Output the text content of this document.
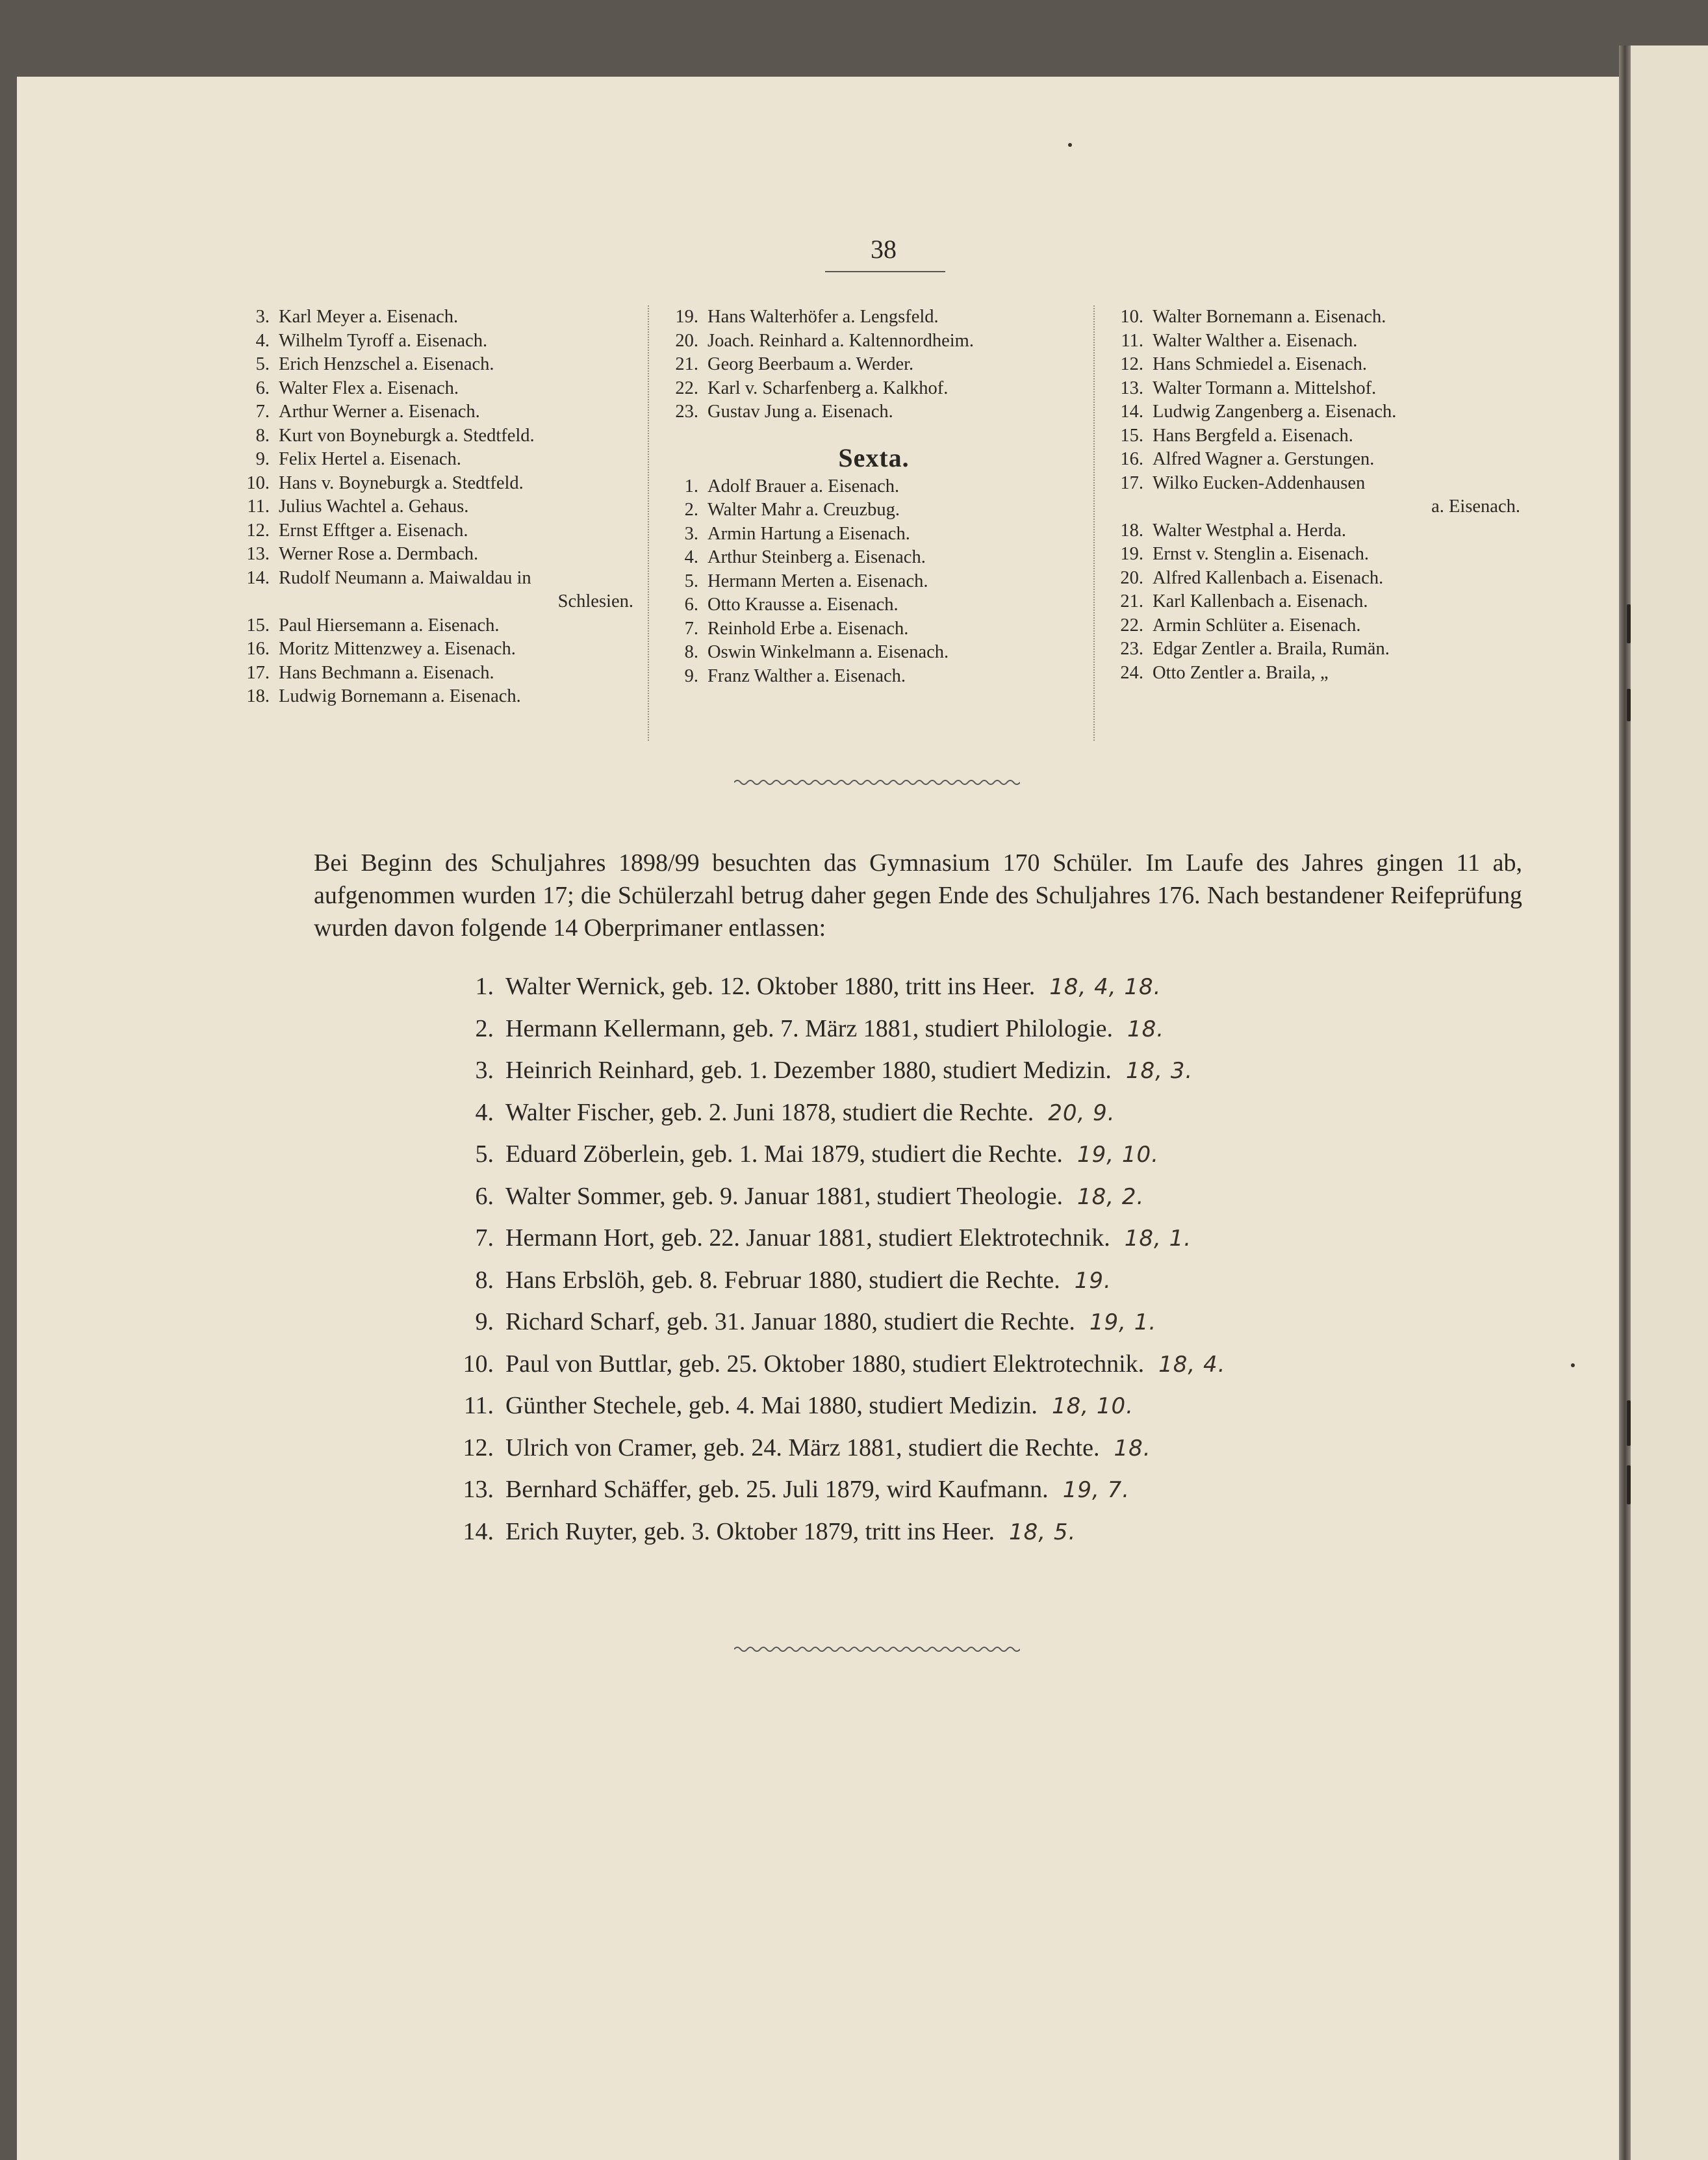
38
3. Karl Meyer a. Eisenach.
4. Wilhelm Tyroff a. Eisenach.
5. Erich Henzschel a. Eisenach.
6. Walter Flex a. Eisenach.
7. Arthur Werner a. Eisenach.
8. Kurt von Boyneburgk a. Stedtfeld.
9. Felix Hertel a. Eisenach.
10. Hans v. Boyneburgk a. Stedtfeld.
11. Julius Wachtel a. Gehaus.
12. Ernst Efftger a. Eisenach.
13. Werner Rose a. Dermbach.
14. Rudolf Neumann a. Maiwaldau in
Schlesien.
15. Paul Hiersemann a. Eisenach.
16. Moritz Mittenzwey a. Eisenach.
17. Hans Bechmann a. Eisenach.
18. Ludwig Bornemann a. Eisenach.
19. Hans Walterhöfer a. Lengsfeld.
20. Joach. Reinhard a. Kaltennordheim.
21. Georg Beerbaum a. Werder.
22. Karl v. Scharfenberg a. Kalkhof.
23. Gustav Jung a. Eisenach.
Sexta.
1. Adolf Brauer a. Eisenach.
2. Walter Mahr a. Creuzbug.
3. Armin Hartung a Eisenach.
4. Arthur Steinberg a. Eisenach.
5. Hermann Merten a. Eisenach.
6. Otto Krausse a. Eisenach.
7. Reinhold Erbe a. Eisenach.
8. Oswin Winkelmann a. Eisenach.
9. Franz Walther a. Eisenach.
10. Walter Bornemann a. Eisenach.
11. Walter Walther a. Eisenach.
12. Hans Schmiedel a. Eisenach.
13. Walter Tormann a. Mittelshof.
14. Ludwig Zangenberg a. Eisenach.
15. Hans Bergfeld a. Eisenach.
16. Alfred Wagner a. Gerstungen.
17. Wilko Eucken-Addenhausen
a. Eisenach.
18. Walter Westphal a. Herda.
19. Ernst v. Stenglin a. Eisenach.
20. Alfred Kallenbach a. Eisenach.
21. Karl Kallenbach a. Eisenach.
22. Armin Schlüter a. Eisenach.
23. Edgar Zentler a. Braila, Rumän.
24. Otto Zentler a. Braila, „

Bei Beginn des Schuljahres 1898/99 besuchten das Gymnasium 170 Schüler. Im Laufe des Jahres gingen 11 ab, aufgenommen wurden 17; die Schülerzahl betrug daher gegen Ende des Schuljahres 176. Nach bestandener Reifeprüfung wurden davon folgende 14 Oberprimaner entlassen:

1. Walter Wernick, geb. 12. Oktober 1880, tritt ins Heer. 18, 4, 18.
2. Hermann Kellermann, geb. 7. März 1881, studiert Philologie. 18.
3. Heinrich Reinhard, geb. 1. Dezember 1880, studiert Medizin. 18, 3.
4. Walter Fischer, geb. 2. Juni 1878, studiert die Rechte. 20, 9.
5. Eduard Zöberlein, geb. 1. Mai 1879, studiert die Rechte. 19, 10.
6. Walter Sommer, geb. 9. Januar 1881, studiert Theologie. 18, 2.
7. Hermann Hort, geb. 22. Januar 1881, studiert Elektrotechnik. 18, 1.
8. Hans Erbslöh, geb. 8. Februar 1880, studiert die Rechte. 19.
9. Richard Scharf, geb. 31. Januar 1880, studiert die Rechte. 19, 1.
10. Paul von Buttlar, geb. 25. Oktober 1880, studiert Elektrotechnik. 18, 4.
11. Günther Stechele, geb. 4. Mai 1880, studiert Medizin. 18, 10.
12. Ulrich von Cramer, geb. 24. März 1881, studiert die Rechte. 18.
13. Bernhard Schäffer, geb. 25. Juli 1879, wird Kaufmann. 19, 7.
14. Erich Ruyter, geb. 3. Oktober 1879, tritt ins Heer. 18, 5.
